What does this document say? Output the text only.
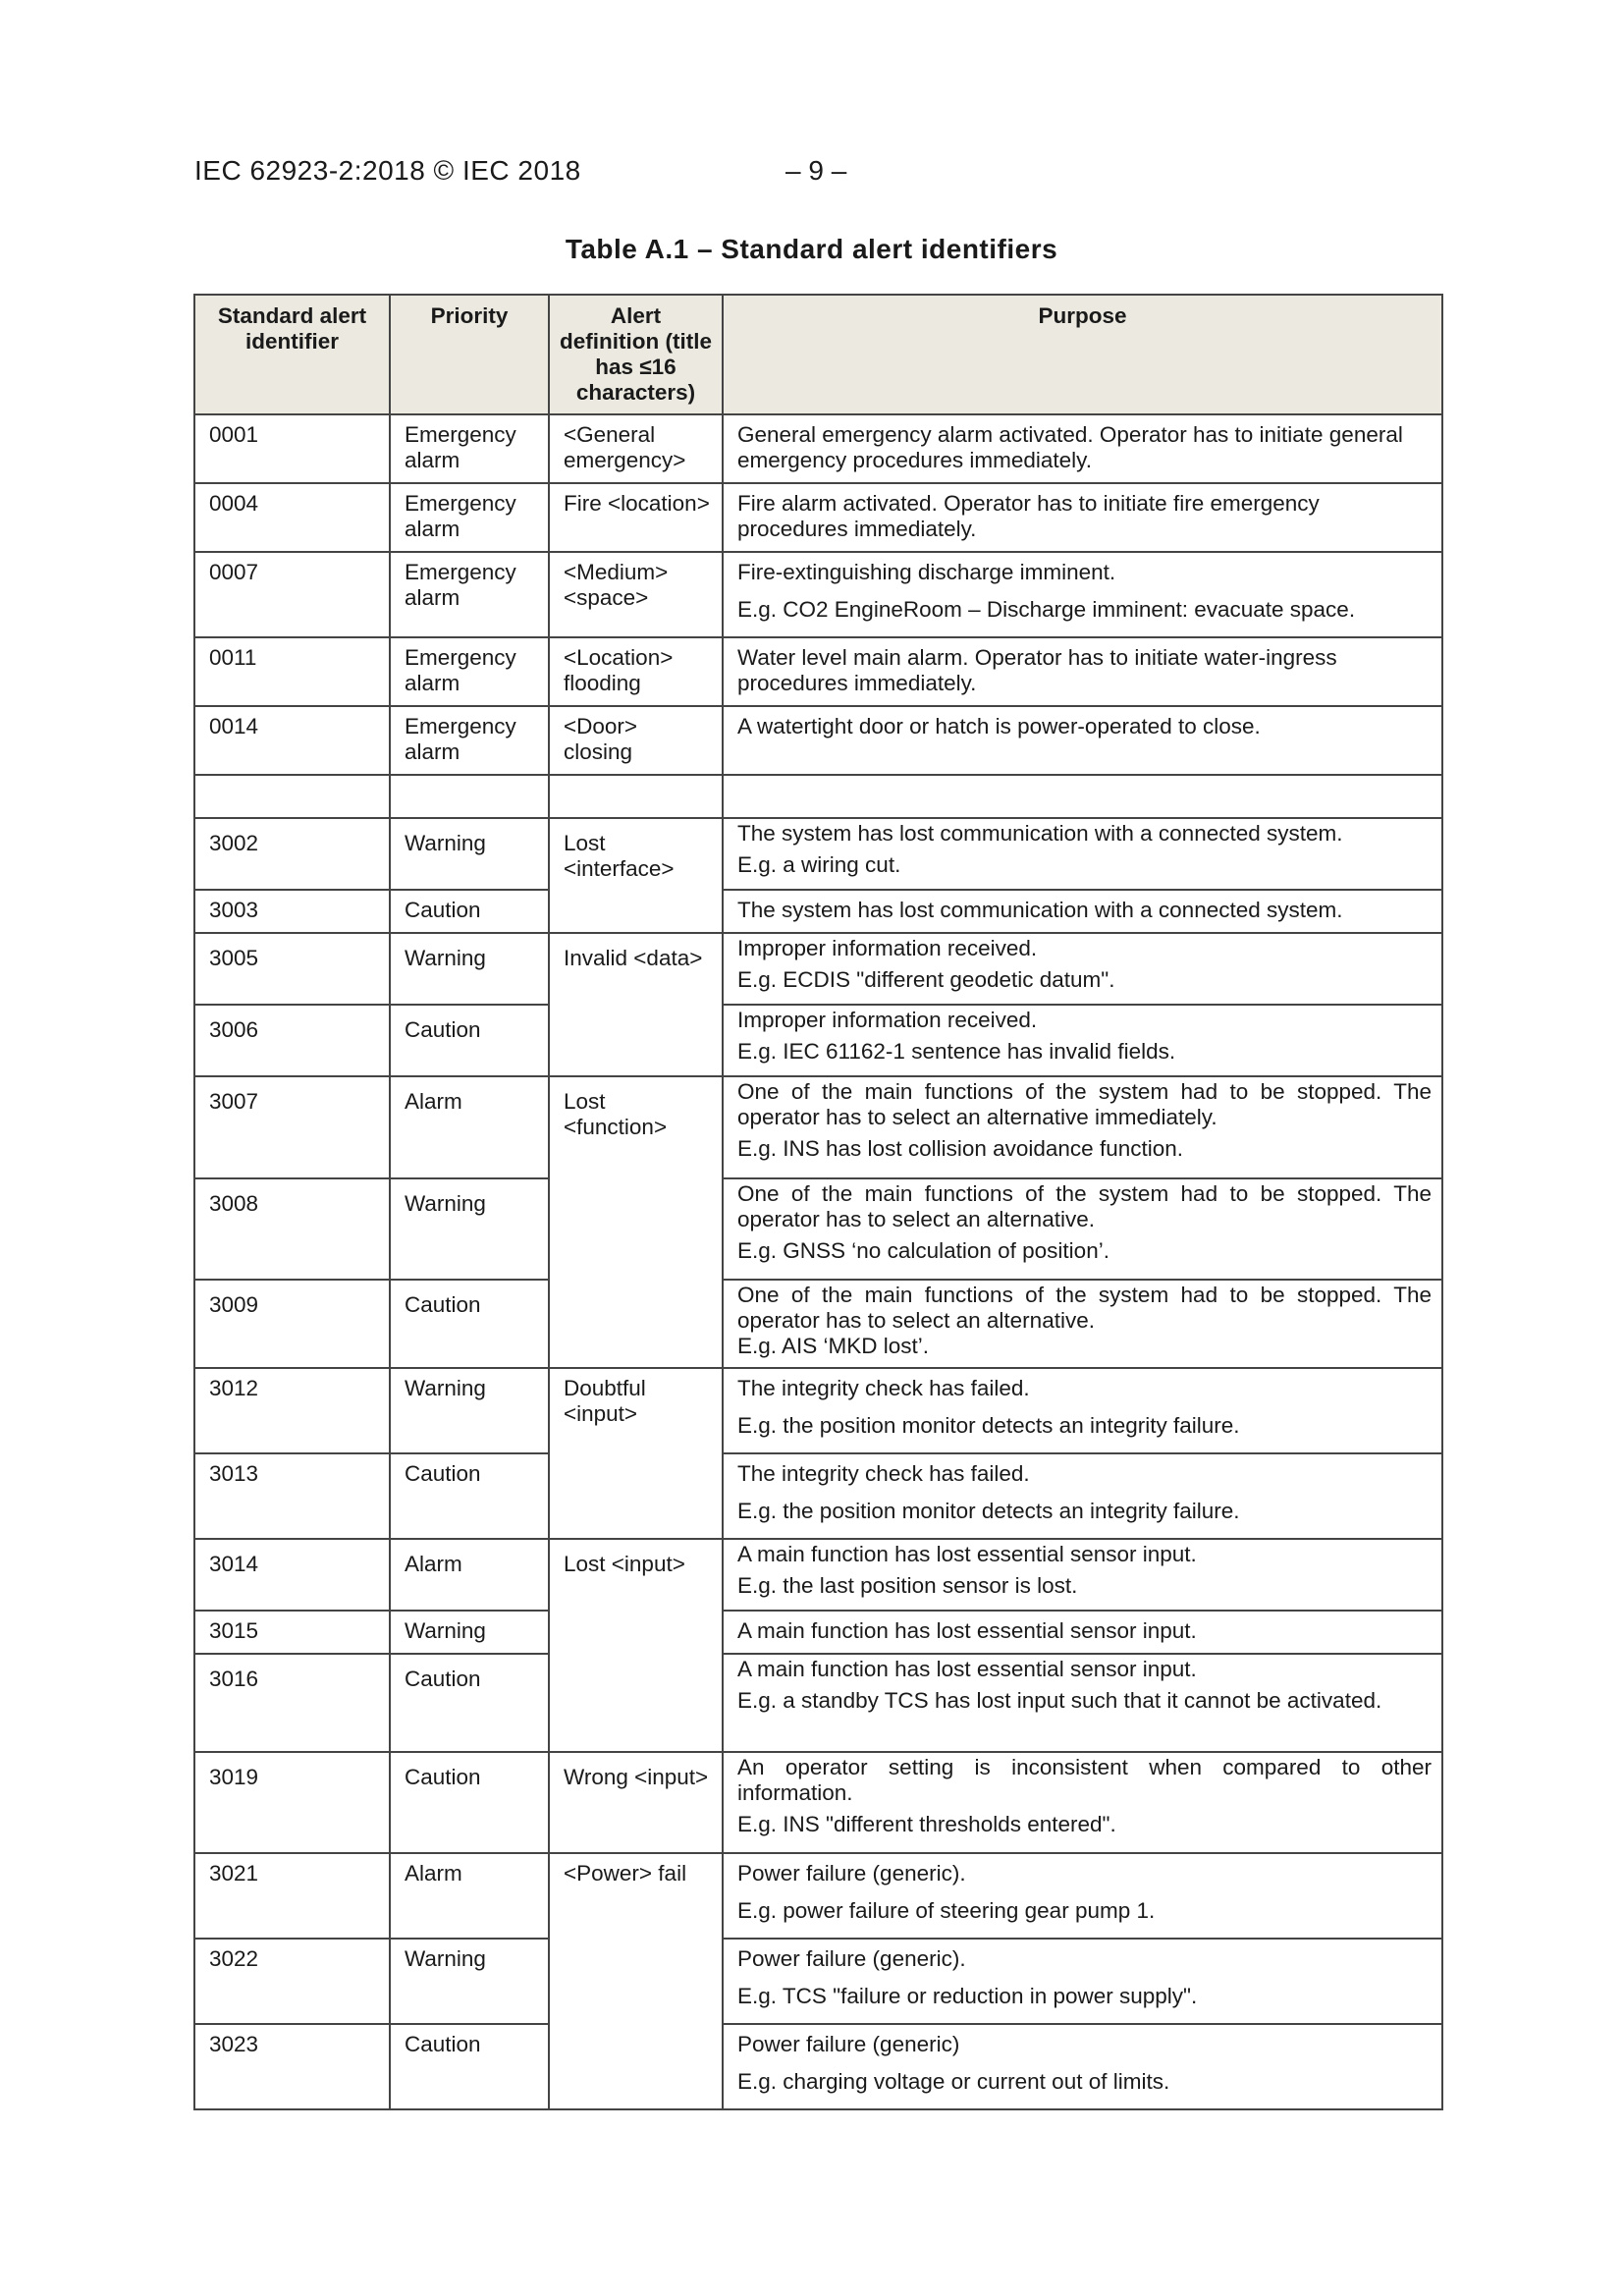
IEC 62923-2:2018 © IEC 2018	– 9 –
Table A.1 – Standard alert identifiers
Standard alert identifier	Priority	Alert definition (title has ≤16 characters)	Purpose
0001	Emergency alarm	<General emergency>	General emergency alarm activated. Operator has to initiate general emergency procedures immediately.

0004	Emergency alarm	Fire <location>	Fire alarm activated. Operator has to initiate fire emergency procedures immediately.

0007	Emergency alarm	<Medium> <space>	Fire-extinguishing discharge imminent.
E.g. CO2 EngineRoom – Discharge imminent: evacuate space.

0011	Emergency alarm	<Location> flooding	Water level main alarm. Operator has to initiate water-ingress procedures immediately.

0014	Emergency alarm	<Door> closing	A watertight door or hatch is power-operated to close.

3002	Warning	Lost <interface>	The system has lost communication with a connected system.
E.g. a wiring cut.

3003	Caution		The system has lost communication with a connected system.

3005	Warning	Invalid <data>	Improper information received.
E.g. ECDIS "different geodetic datum".

3006	Caution		Improper information received.
E.g. IEC 61162-1 sentence has invalid fields.

3007	Alarm	Lost <function>	One of the main functions of the system had to be stopped. The operator has to select an alternative immediately.
E.g. INS has lost collision avoidance function.

3008	Warning		One of the main functions of the system had to be stopped. The operator has to select an alternative.
E.g. GNSS ‘no calculation of position’.

3009	Caution		One of the main functions of the system had to be stopped. The operator has to select an alternative.
E.g. AIS ‘MKD lost’.

3012	Warning	Doubtful <input>	The integrity check has failed.
E.g. the position monitor detects an integrity failure.

3013	Caution		The integrity check has failed.
E.g. the position monitor detects an integrity failure.

3014	Alarm	Lost <input>	A main function has lost essential sensor input.
E.g. the last position sensor is lost.

3015	Warning		A main function has lost essential sensor input.

3016	Caution		A main function has lost essential sensor input.
E.g. a standby TCS has lost input such that it cannot be activated.

3019	Caution	Wrong <input>	An operator setting is inconsistent when compared to other information.
E.g. INS "different thresholds entered".

3021	Alarm	<Power> fail	Power failure (generic).
E.g. power failure of steering gear pump 1.

3022	Warning		Power failure (generic).
E.g. TCS "failure or reduction in power supply".

3023	Caution		Power failure (generic)
E.g. charging voltage or current out of limits.
